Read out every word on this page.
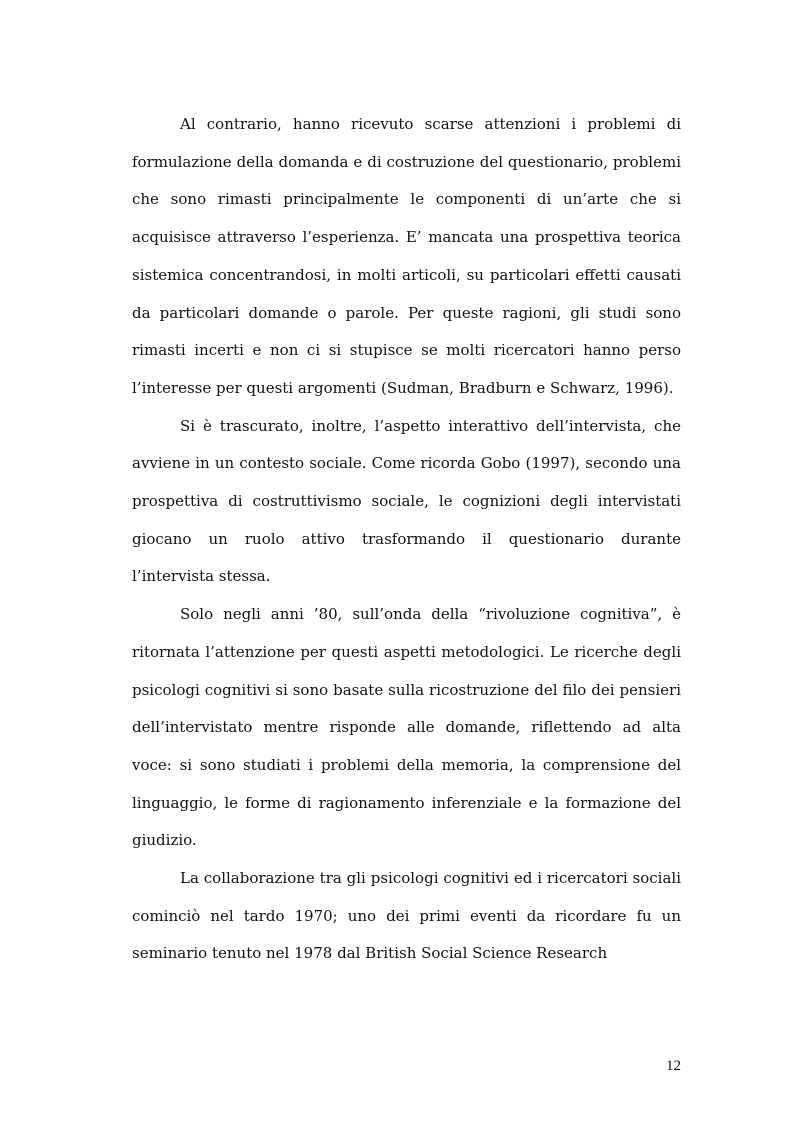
Al contrario, hanno ricevuto scarse attenzioni i problemi di formulazione della domanda e di costruzione del questionario, problemi che sono rimasti principalmente le componenti di un’arte che si acquisisce attraverso l’esperienza. E’ mancata una prospettiva teorica sistemica concentrandosi, in molti articoli, su particolari effetti causati da particolari domande o parole. Per queste ragioni, gli studi sono rimasti incerti e non ci si stupisce se molti ricercatori hanno perso l’interesse per questi argomenti (Sudman, Bradburn e Schwarz, 1996).

Si è trascurato, inoltre, l’aspetto interattivo dell’intervista, che avviene in un contesto sociale. Come ricorda Gobo (1997), secondo una prospettiva di costruttivismo sociale, le cognizioni degli intervistati giocano un ruolo attivo trasformando il questionario durante l’intervista stessa.

Solo negli anni ’80, sull’onda della “rivoluzione cognitiva”, è ritornata l’attenzione per questi aspetti metodologici. Le ricerche degli psicologi cognitivi si sono basate sulla ricostruzione del filo dei pensieri dell’intervistato mentre risponde alle domande, riflettendo ad alta voce: si sono studiati i problemi della memoria, la comprensione del linguaggio, le forme di ragionamento inferenziale e la formazione del giudizio.

La collaborazione tra gli psicologi cognitivi ed i ricercatori sociali cominciò nel tardo 1970; uno dei primi eventi da ricordare fu un seminario tenuto nel 1978 dal British Social Science Research

12
